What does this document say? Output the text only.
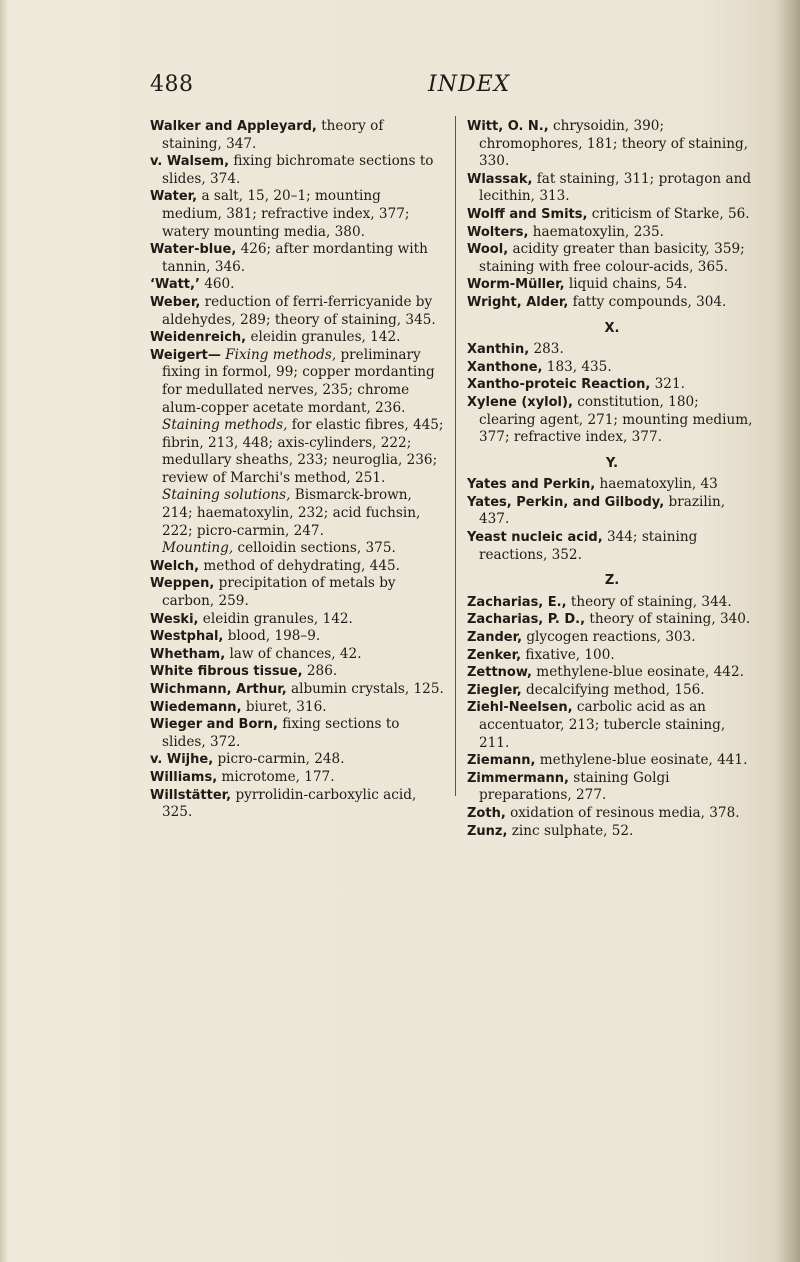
488	INDEX

Walker and Appleyard, theory of staining, 347.

v. Walsem, fixing bichromate sections to slides, 374.

Water, a salt, 15, 20–1; mounting medium, 381; refractive index, 377; watery mounting media, 380.

Water-blue, 426; after mordanting with tannin, 346.

‘Watt,’ 460.

Weber, reduction of ferri-ferricyanide by aldehydes, 289; theory of staining, 345.

Weidenreich, eleidin granules, 142.

Weigert— Fixing methods, preliminary fixing in formol, 99; copper mordanting for medullated nerves, 235; chrome alum-copper acetate mordant, 236.

Staining methods, for elastic fibres, 445; fibrin, 213, 448; axis-cylinders, 222; medullary sheaths, 233; neuroglia, 236; review of Marchi's method, 251.

Staining solutions, Bismarck-brown, 214; haematoxylin, 232; acid fuchsin, 222; picro-carmin, 247.

Mounting, celloidin sections, 375.

Welch, method of dehydrating, 445.

Weppen, precipitation of metals by carbon, 259.

Weski, eleidin granules, 142.

Westphal, blood, 198–9.

Whetham, law of chances, 42.

White fibrous tissue, 286.

Wichmann, Arthur, albumin crystals, 125.

Wiedemann, biuret, 316.

Wieger and Born, fixing sections to slides, 372.

v. Wijhe, picro-carmin, 248.

Williams, microtome, 177.

Willstätter, pyrrolidin-carboxylic acid, 325.

Witt, O. N., chrysoidin, 390; chromophores, 181; theory of staining, 330.

Wlassak, fat staining, 311; protagon and lecithin, 313.

Wolff and Smits, criticism of Starke, 56.

Wolters, haematoxylin, 235.

Wool, acidity greater than basicity, 359; staining with free colour-acids, 365.

Worm-Müller, liquid chains, 54.

Wright, Alder, fatty compounds, 304.

X.

Xanthin, 283.

Xanthone, 183, 435.

Xantho-proteic Reaction, 321.

Xylene (xylol), constitution, 180; clearing agent, 271; mounting medium, 377; refractive index, 377.

Y.

Yates and Perkin, haematoxylin, 43

Yates, Perkin, and Gilbody, brazilin, 437.

Yeast nucleic acid, 344; staining reactions, 352.

Z.

Zacharias, E., theory of staining, 344.

Zacharias, P. D., theory of staining, 340.

Zander, glycogen reactions, 303.

Zenker, fixative, 100.

Zettnow, methylene-blue eosinate, 442.

Ziegler, decalcifying method, 156.

Ziehl-Neelsen, carbolic acid as an accentuator, 213; tubercle staining, 211.

Ziemann, methylene-blue eosinate, 441.

Zimmermann, staining Golgi preparations, 277.

Zoth, oxidation of resinous media, 378.

Zunz, zinc sulphate, 52.
